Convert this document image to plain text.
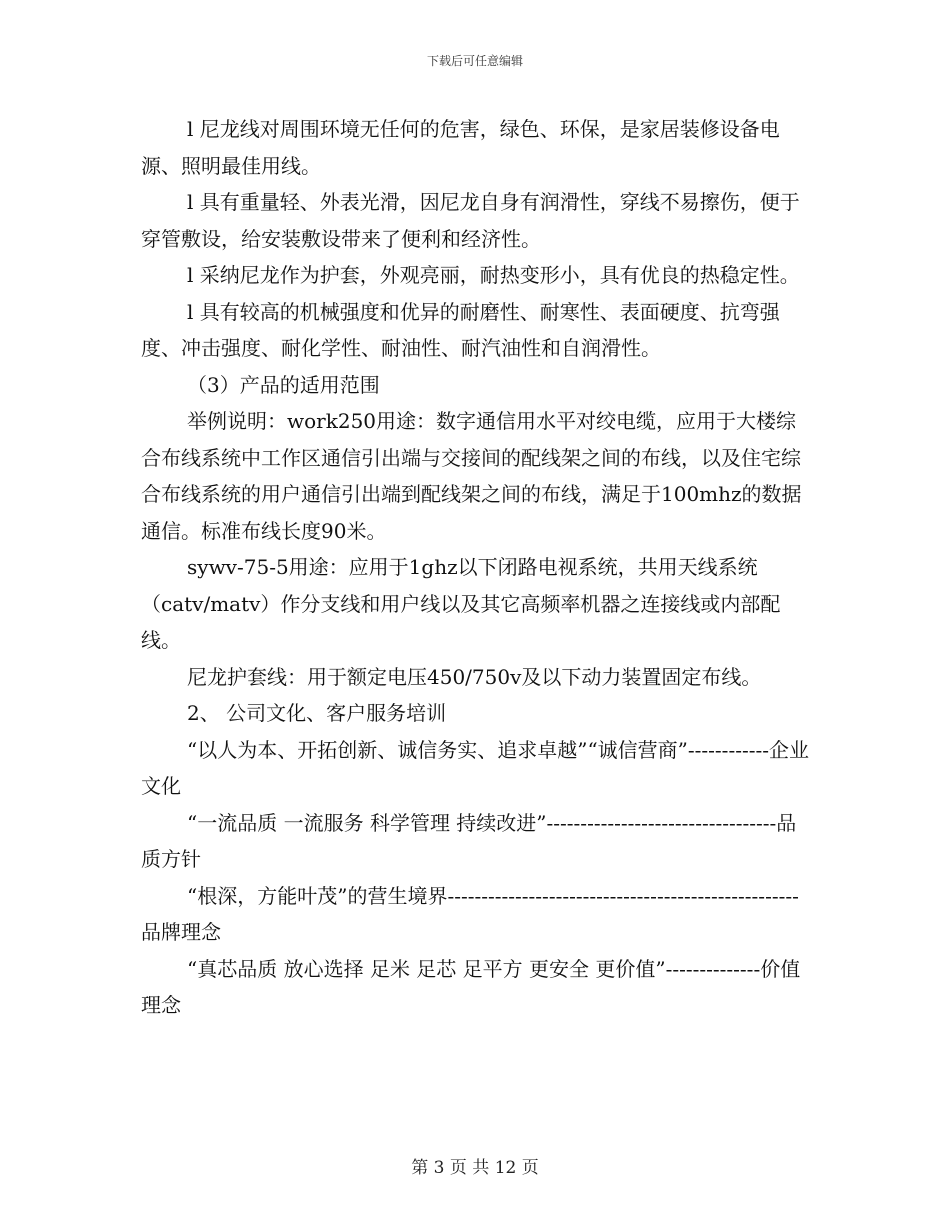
下载后可任意编辑

l 尼龙线对周围环境无任何的危害，绿色、环保，是家居装修设备电源、照明最佳用线。

l 具有重量轻、外表光滑，因尼龙自身有润滑性，穿线不易擦伤，便于穿管敷设，给安装敷设带来了便利和经济性。

l 采纳尼龙作为护套，外观亮丽，耐热变形小，具有优良的热稳定性。

l 具有较高的机械强度和优异的耐磨性、耐寒性、表面硬度、抗弯强度、冲击强度、耐化学性、耐油性、耐汽油性和自润滑性。

（3）产品的适用范围

举例说明：work250用途：数字通信用水平对绞电缆，应用于大楼综合布线系统中工作区通信引出端与交接间的配线架之间的布线，以及住宅综合布线系统的用户通信引出端到配线架之间的布线，满足于100mhz的数据通信。标准布线长度90米。

sywv-75-5用途：应用于1ghz以下闭路电视系统，共用天线系统（catv/matv）作分支线和用户线以及其它高频率机器之连接线或内部配线。

尼龙护套线：用于额定电压450/750v及以下动力装置固定布线。

2、 公司文化、客户服务培训

“以人为本、开拓创新、诚信务实、追求卓越”“诚信营商”------------企业文化

“一流品质 一流服务 科学管理 持续改进”----------------------------------品质方针

“根深，方能叶茂”的营生境界----------------------------------------------------品牌理念

“真芯品质 放心选择 足米 足芯 足平方 更安全 更价值”--------------价值理念

第 3 页 共 12 页
